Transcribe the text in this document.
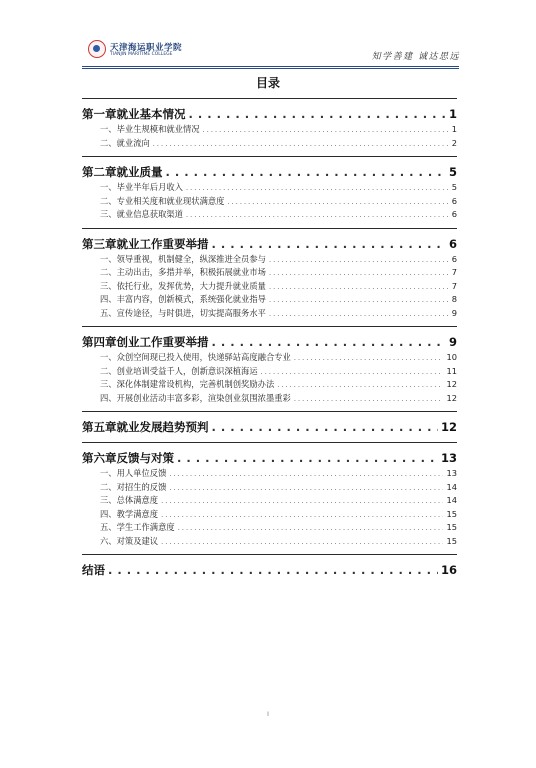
天津海运职业学院
TIANJIN MARITIME COLLEGE	知学善建 诚达思远
目录
第一章就业基本情况 . . .	1
一、毕业生规模和就业情况 . . .	1
二、就业流向 . . .	2
第二章就业质量 . . .	5
一、毕业半年后月收入 . . .	5
二、专业相关度和就业现状满意度 . . .	6
三、就业信息获取渠道 . . .	6
第三章就业工作重要举措 . . .	6
一、领导重视，机制健全，纵深推进全员参与 . . .	6
二、主动出击，多措并举，积极拓展就业市场 . . .	7
三、依托行业，发挥优势，大力提升就业质量 . . .	7
四、丰富内容，创新模式，系统强化就业指导 . . .	8
五、宣传途径，与时俱进，切实提高服务水平 . . .	9
第四章创业工作重要举措 . . .	9
一、众创空间现已投入使用，快递驿站高度融合专业 . . .	10
二、创业培训受益千人，创新意识深植海运 . . .	11
三、深化体制建常设机构，完善机制创奖励办法 . . .	12
四、开展创业活动丰富多彩，渲染创业氛围浓墨重彩 . . .	12
第五章就业发展趋势预判 . . .	12
第六章反馈与对策 . . .	13
一、用人单位反馈 . . .	13
二、对招生的反馈 . . .	14
三、总体满意度 . . .	14
四、教学满意度 . . .	15
五、学生工作满意度 . . .	15
六、对策及建议 . . .	15
结语 . . .	16
I
